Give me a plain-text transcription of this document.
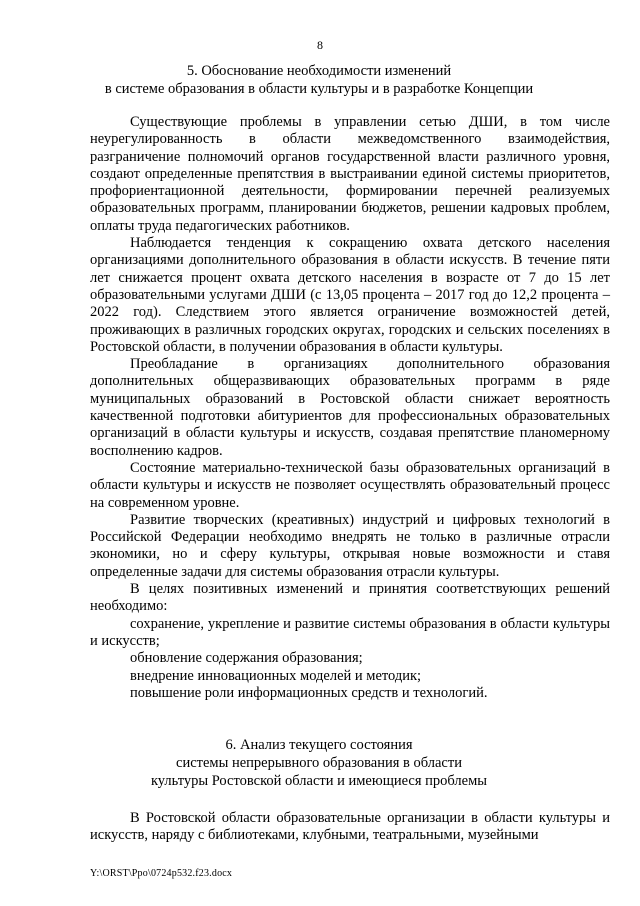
8
5. Обоснование необходимости изменений
в системе образования в области культуры и в разработке Концепции

Существующие проблемы в управлении сетью ДШИ, в том числе неурегулированность в области межведомственного взаимодействия, разграничение полномочий органов государственной власти различного уровня, создают определенные препятствия в выстраивании единой системы приоритетов, профориентационной деятельности, формировании перечней реализуемых образовательных программ, планировании бюджетов, решении кадровых проблем, оплаты труда педагогических работников.

Наблюдается тенденция к сокращению охвата детского населения организациями дополнительного образования в области искусств. В течение пяти лет снижается процент охвата детского населения в возрасте от 7 до 15 лет образовательными услугами ДШИ (с 13,05 процента – 2017 год до 12,2 процента – 2022 год). Следствием этого является ограничение возможностей детей, проживающих в различных городских округах, городских и сельских поселениях в Ростовской области, в получении образования в области культуры.

Преобладание в организациях дополнительного образования дополнительных общеразвивающих образовательных программ в ряде муниципальных образований в Ростовской области снижает вероятность качественной подготовки абитуриентов для профессиональных образовательных организаций в области культуры и искусств, создавая препятствие планомерному восполнению кадров.

Состояние материально-технической базы образовательных организаций в области культуры и искусств не позволяет осуществлять образовательный процесс на современном уровне.

Развитие творческих (креативных) индустрий и цифровых технологий в Российской Федерации необходимо внедрять не только в различные отрасли экономики, но и сферу культуры, открывая новые возможности и ставя определенные задачи для системы образования отрасли культуры.

В целях позитивных изменений и принятия соответствующих решений необходимо:

сохранение, укрепление и развитие системы образования в области культуры и искусств;

обновление содержания образования;

внедрение инновационных моделей и методик;

повышение роли информационных средств и технологий.

6. Анализ текущего состояния
системы непрерывного образования в области
культуры Ростовской области и имеющиеся проблемы

В Ростовской области образовательные организации в области культуры и искусств, наряду с библиотеками, клубными, театральными, музейными

Y:\ORST\Ppo\0724p532.f23.docx
